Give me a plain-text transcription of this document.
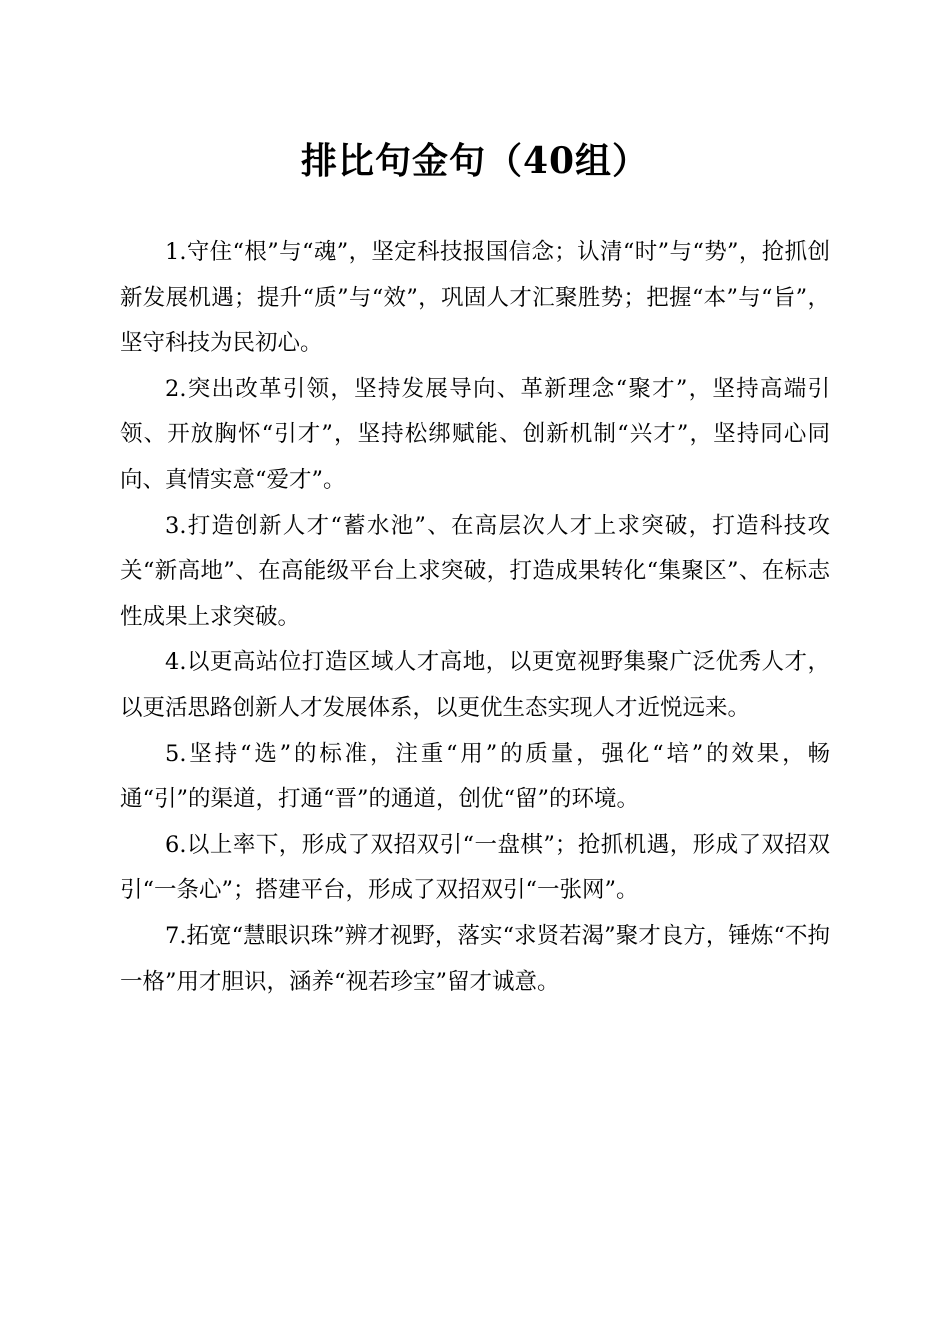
排比句金句（40组）

1.守住“根”与“魂”，坚定科技报国信念；认清“时”与“势”，抢抓创新发展机遇；提升“质”与“效”，巩固人才汇聚胜势；把握“本”与“旨”，坚守科技为民初心。

2.突出改革引领，坚持发展导向、革新理念“聚才”，坚持高端引领、开放胸怀“引才”，坚持松绑赋能、创新机制“兴才”，坚持同心同向、真情实意“爱才”。

3.打造创新人才“蓄水池”、在高层次人才上求突破，打造科技攻关“新高地”、在高能级平台上求突破，打造成果转化“集聚区”、在标志性成果上求突破。

4.以更高站位打造区域人才高地，以更宽视野集聚广泛优秀人才，以更活思路创新人才发展体系，以更优生态实现人才近悦远来。

5.坚持“选”的标准，注重“用”的质量，强化“培”的效果，畅通“引”的渠道，打通“晋”的通道，创优“留”的环境。

6.以上率下，形成了双招双引“一盘棋”；抢抓机遇，形成了双招双引“一条心”；搭建平台，形成了双招双引“一张网”。

7.拓宽“慧眼识珠”辨才视野，落实“求贤若渴”聚才良方，锤炼“不拘一格”用才胆识，涵养“视若珍宝”留才诚意。
